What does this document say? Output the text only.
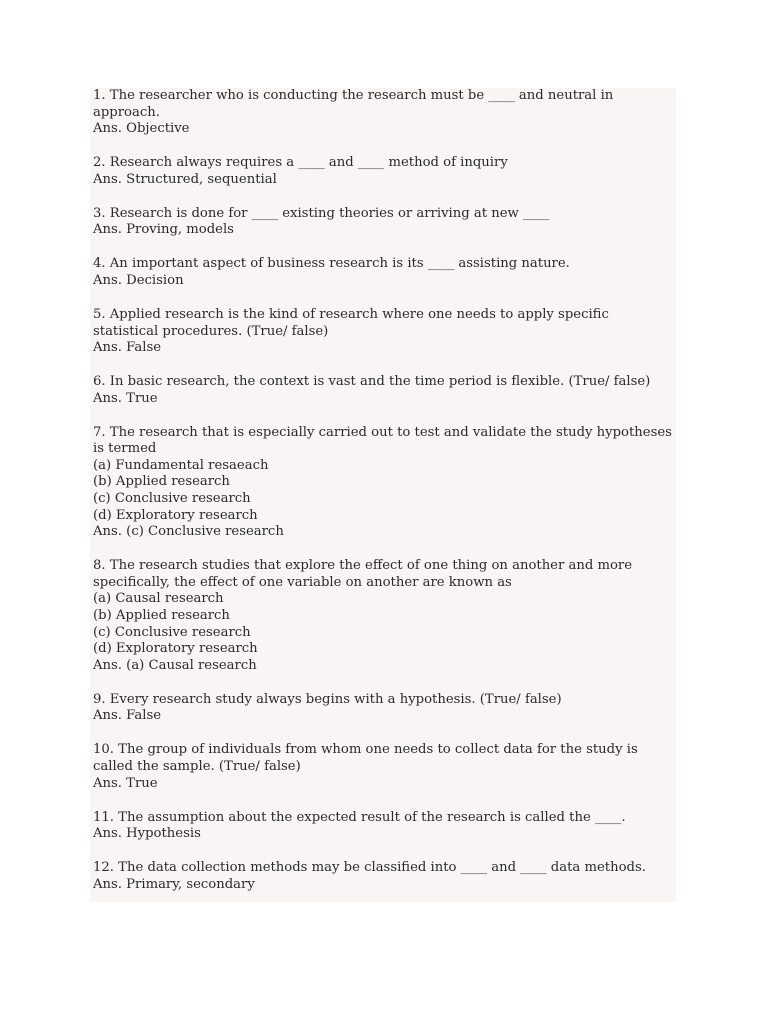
1. The researcher who is conducting the research must be ____ and neutral in approach.
Ans. Objective
2. Research always requires a ____ and ____ method of inquiry
Ans. Structured, sequential
3. Research is done for ____ existing theories or arriving at new ____
Ans. Proving, models
4. An important aspect of business research is its ____ assisting nature.
Ans. Decision
5. Applied research is the kind of research where one needs to apply specific statistical procedures. (True/ false)
Ans. False
6. In basic research, the context is vast and the time period is flexible. (True/ false)
Ans. True
7. The research that is especially carried out to test and validate the study hypotheses is termed
(a) Fundamental resaeach
(b) Applied research
(c) Conclusive research
(d) Exploratory research
Ans. (c) Conclusive research
8. The research studies that explore the effect of one thing on another and more specifically, the effect of one variable on another are known as
(a) Causal research
(b) Applied research
(c) Conclusive research
(d) Exploratory research
Ans. (a) Causal research
9. Every research study always begins with a hypothesis. (True/ false)
Ans. False
10. The group of individuals from whom one needs to collect data for the study is called the sample. (True/ false)
Ans. True
11. The assumption about the expected result of the research is called the ____.
Ans. Hypothesis
12. The data collection methods may be classified into ____ and ____ data methods.
Ans. Primary, secondary
